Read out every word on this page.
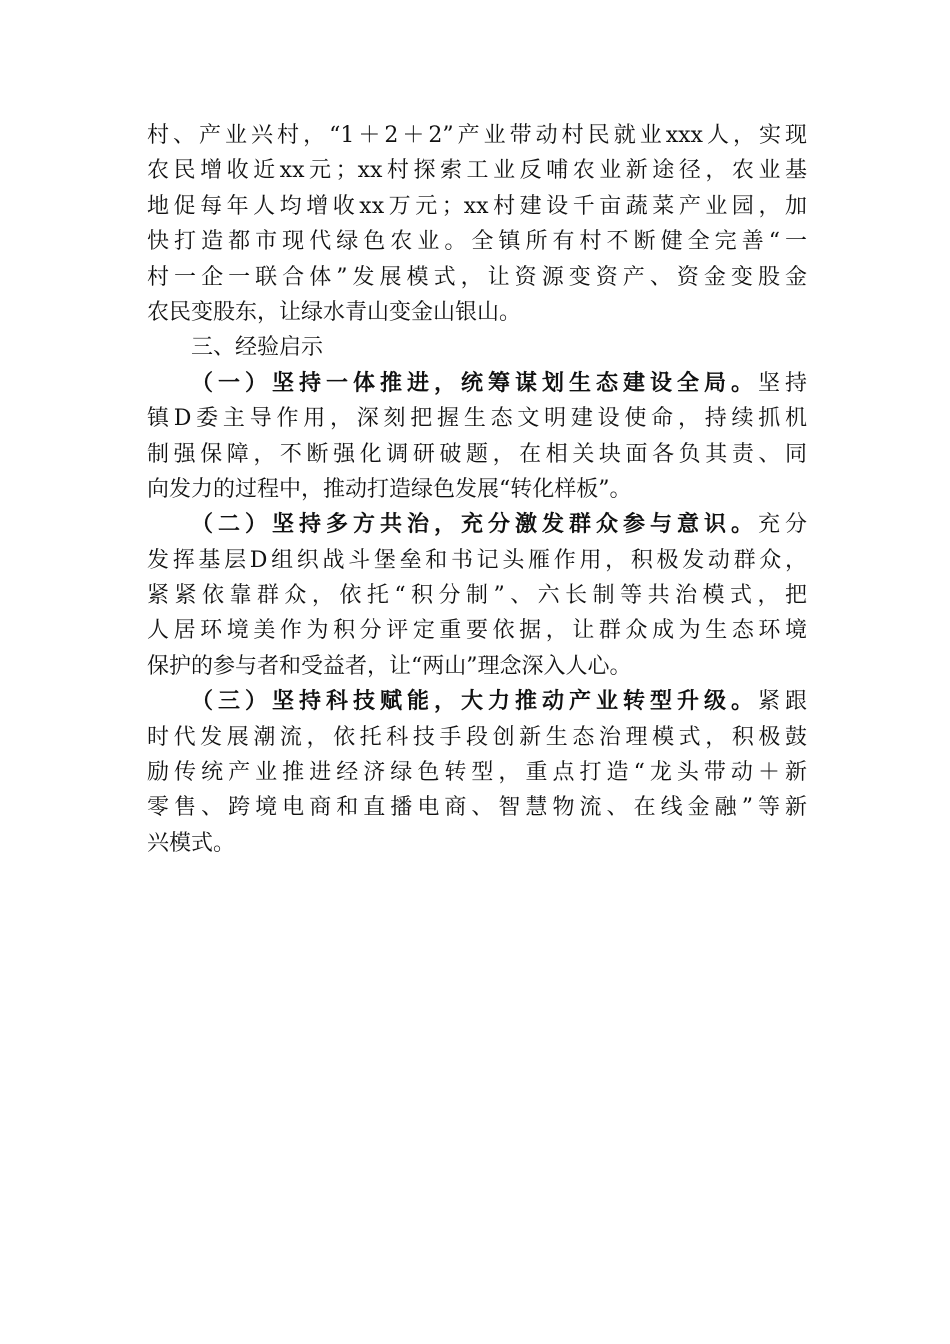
村、产业兴村，“1＋2＋2”产业带动村民就业xxx人，实现
农民增收近xx元；xx村探索工业反哺农业新途径，农业基
地促每年人均增收xx万元；xx村建设千亩蔬菜产业园，加
快打造都市现代绿色农业。全镇所有村不断健全完善“一
村一企一联合体”发展模式，让资源变资产、资金变股金
农民变股东，让绿水青山变金山银山。
三、经验启示
（一）坚持一体推进，统筹谋划生态建设全局。坚持
镇D委主导作用，深刻把握生态文明建设使命，持续抓机
制强保障，不断强化调研破题，在相关块面各负其责、同
向发力的过程中，推动打造绿色发展“转化样板”。
（二）坚持多方共治，充分激发群众参与意识。充分
发挥基层D组织战斗堡垒和书记头雁作用，积极发动群众，
紧紧依靠群众，依托“积分制”、六长制等共治模式，把
人居环境美作为积分评定重要依据，让群众成为生态环境
保护的参与者和受益者，让“两山”理念深入人心。
（三）坚持科技赋能，大力推动产业转型升级。紧跟
时代发展潮流，依托科技手段创新生态治理模式，积极鼓
励传统产业推进经济绿色转型，重点打造“龙头带动＋新
零售、跨境电商和直播电商、智慧物流、在线金融”等新
兴模式。
